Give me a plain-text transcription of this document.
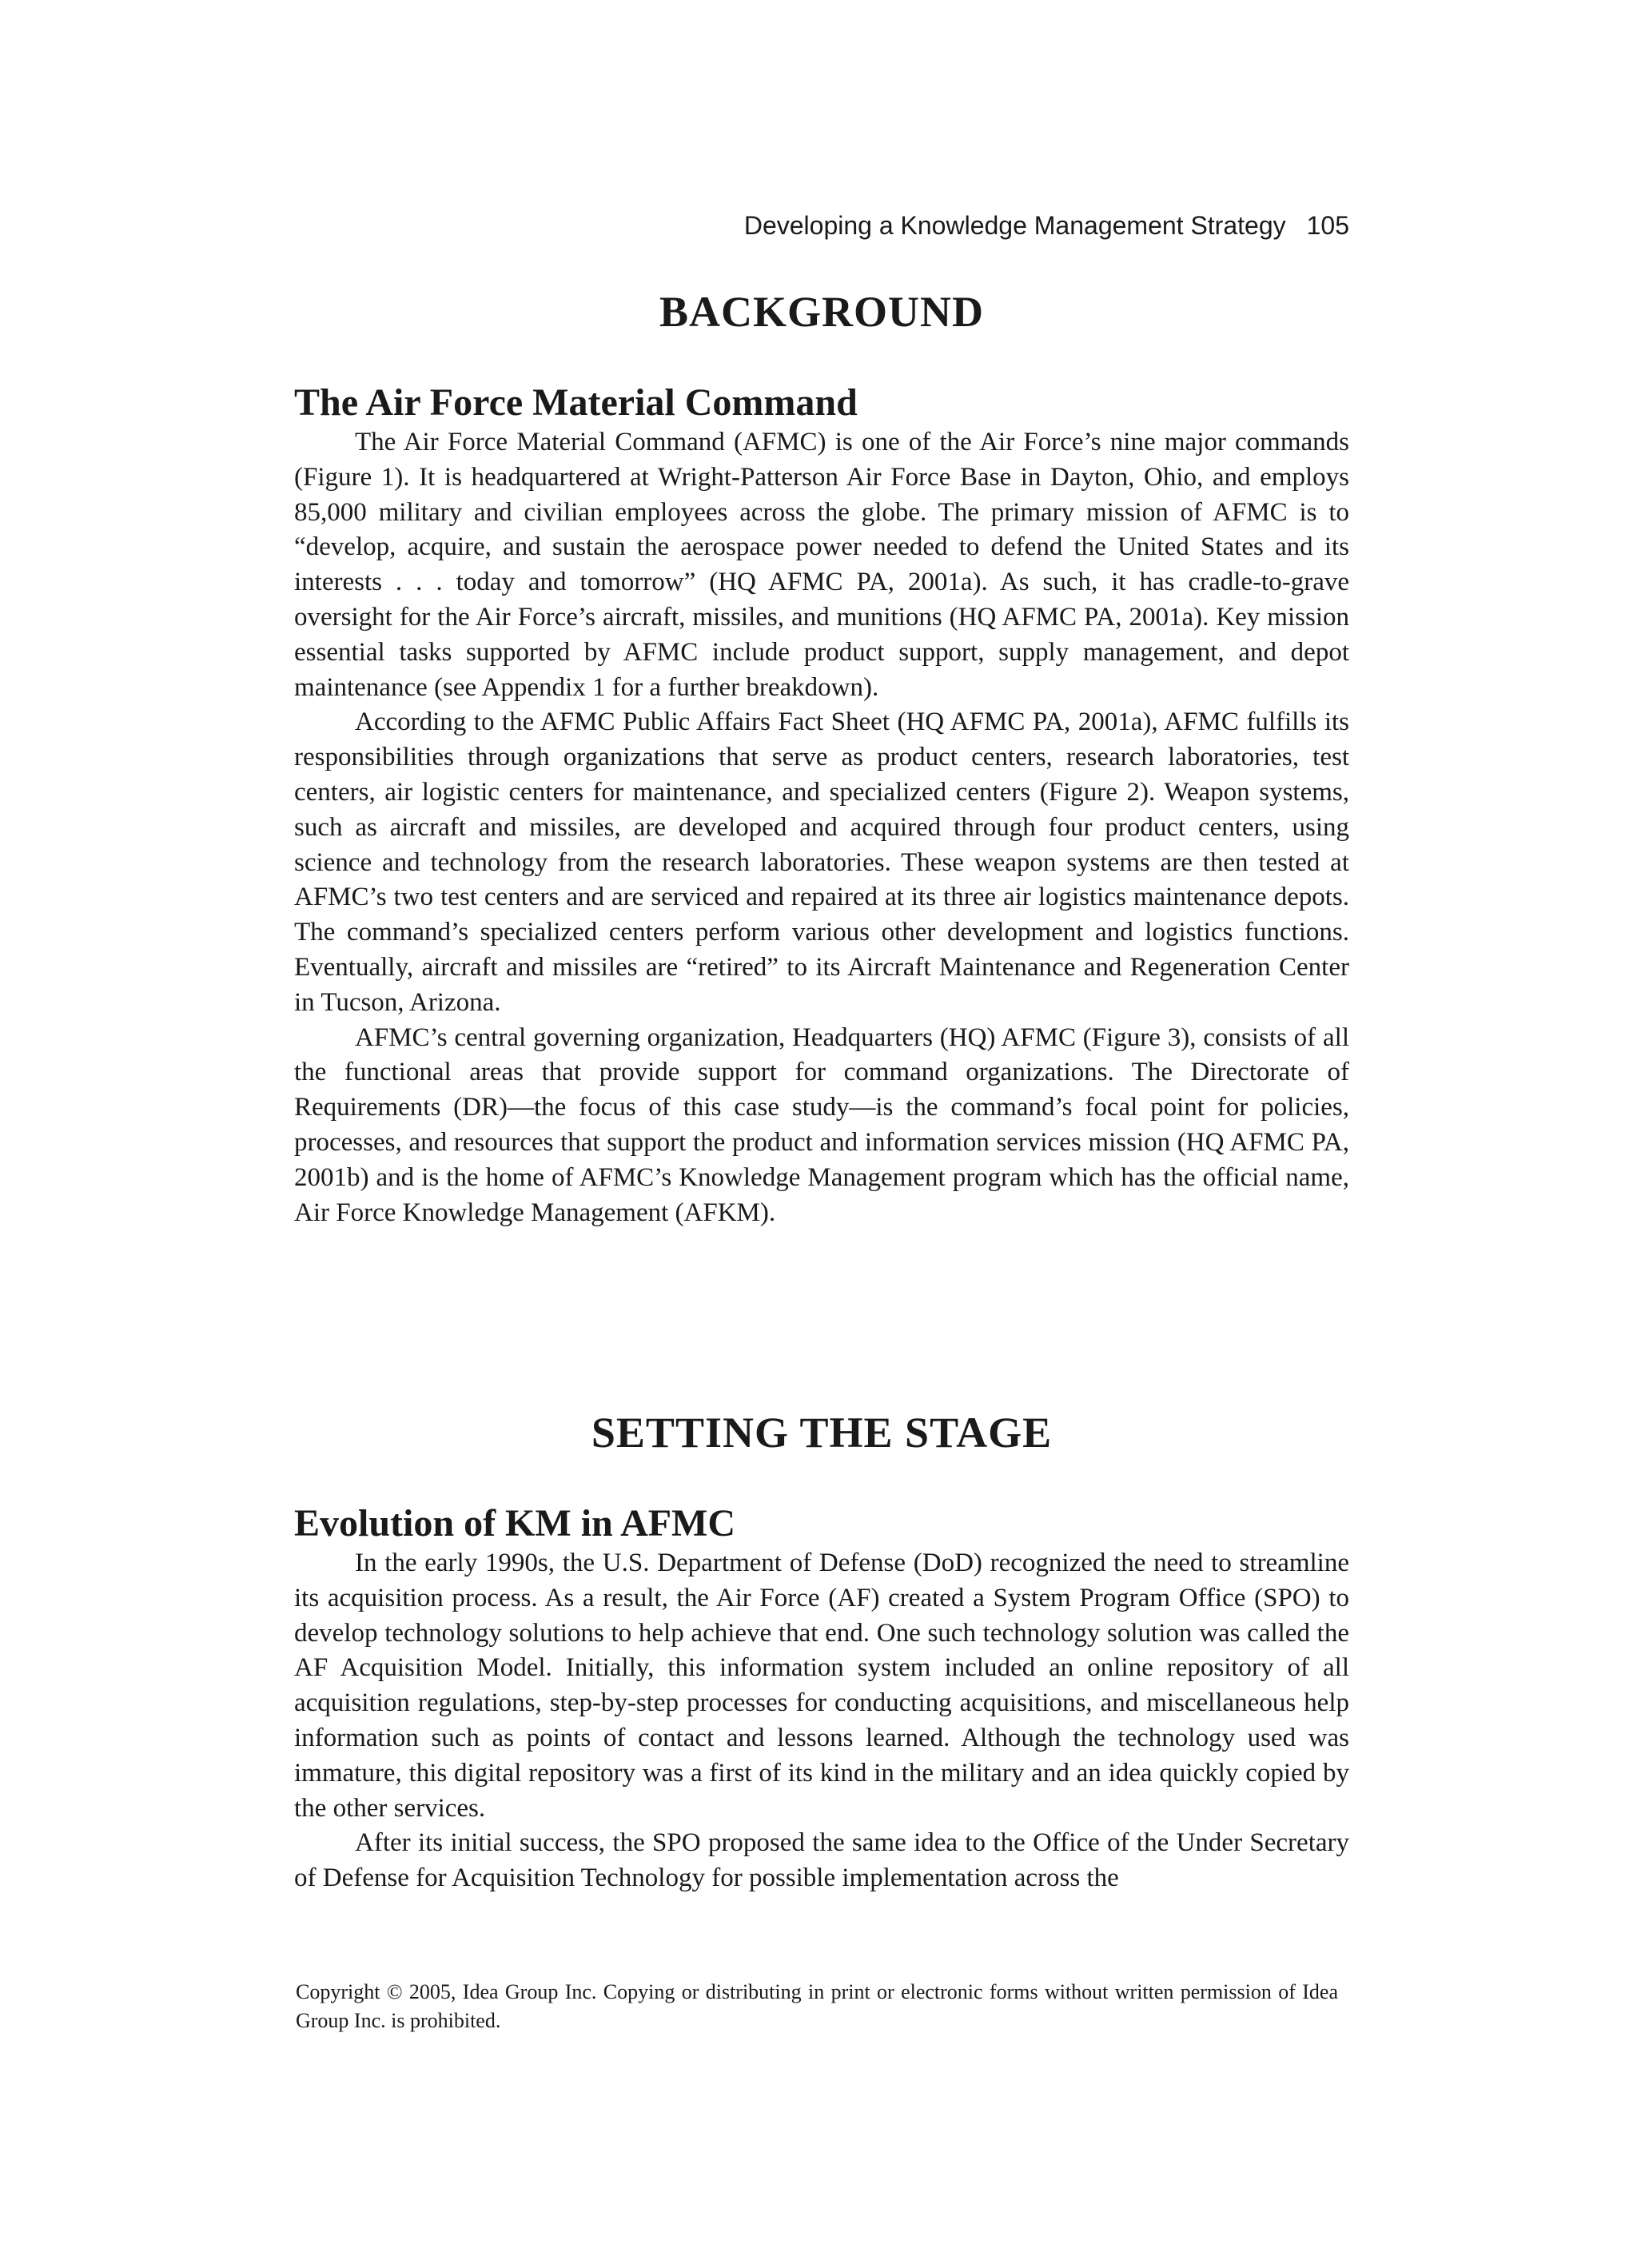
Developing a Knowledge Management Strategy 105
BACKGROUND
The Air Force Material Command

The Air Force Material Command (AFMC) is one of the Air Force’s nine major commands (Figure 1). It is headquartered at Wright-Patterson Air Force Base in Dayton, Ohio, and employs 85,000 military and civilian employees across the globe. The primary mission of AFMC is to “develop, acquire, and sustain the aerospace power needed to defend the United States and its interests . . . today and tomorrow” (HQ AFMC PA, 2001a). As such, it has cradle-to-grave oversight for the Air Force’s aircraft, missiles, and munitions (HQ AFMC PA, 2001a). Key mission essential tasks supported by AFMC include product support, supply management, and depot maintenance (see Appendix 1 for a further breakdown).

According to the AFMC Public Affairs Fact Sheet (HQ AFMC PA, 2001a), AFMC fulfills its responsibilities through organizations that serve as product centers, research laboratories, test centers, air logistic centers for maintenance, and specialized centers (Figure 2). Weapon systems, such as aircraft and missiles, are developed and acquired through four product centers, using science and technology from the research laboratories. These weapon systems are then tested at AFMC’s two test centers and are serviced and repaired at its three air logistics maintenance depots. The command’s specialized centers perform various other development and logistics functions. Eventually, aircraft and missiles are “retired” to its Aircraft Maintenance and Regeneration Center in Tucson, Arizona.

AFMC’s central governing organization, Headquarters (HQ) AFMC (Figure 3), consists of all the functional areas that provide support for command organizations. The Directorate of Requirements (DR)—the focus of this case study—is the command’s focal point for policies, processes, and resources that support the product and information services mission (HQ AFMC PA, 2001b) and is the home of AFMC’s Knowledge Management program which has the official name, Air Force Knowledge Management (AFKM).

SETTING THE STAGE
Evolution of KM in AFMC

In the early 1990s, the U.S. Department of Defense (DoD) recognized the need to streamline its acquisition process. As a result, the Air Force (AF) created a System Program Office (SPO) to develop technology solutions to help achieve that end. One such technology solution was called the AF Acquisition Model. Initially, this information system included an online repository of all acquisition regulations, step-by-step processes for conducting acquisitions, and miscellaneous help information such as points of contact and lessons learned. Although the technology used was immature, this digital repository was a first of its kind in the military and an idea quickly copied by the other services.

After its initial success, the SPO proposed the same idea to the Office of the Under Secretary of Defense for Acquisition Technology for possible implementation across the

Copyright © 2005, Idea Group Inc. Copying or distributing in print or electronic forms without written permission of Idea Group Inc. is prohibited.
